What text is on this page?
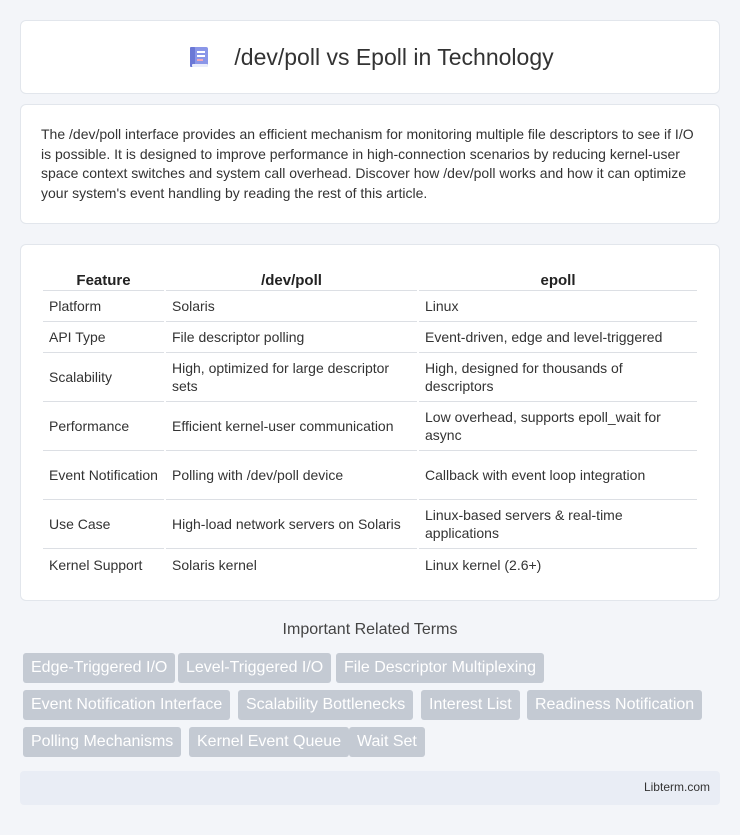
/dev/poll vs Epoll in Technology

The /dev/poll interface provides an efficient mechanism for monitoring multiple file descriptors to see if I/O is possible. It is designed to improve performance in high-connection scenarios by reducing kernel-user space context switches and system call overhead. Discover how /dev/poll works and how it can optimize your system's event handling by reading the rest of this article.

Feature	/dev/poll	epoll
Platform	Solaris	Linux
API Type	File descriptor polling	Event-driven, edge and level-triggered
Scalability	High, optimized for large descriptor sets	High, designed for thousands of descriptors
Performance	Efficient kernel-user communication	Low overhead, supports epoll_wait for async
Event Notification	Polling with /dev/poll device	Callback with event loop integration
Use Case	High-load network servers on Solaris	Linux-based servers & real-time applications
Kernel Support	Solaris kernel	Linux kernel (2.6+)
Important Related Terms
Edge-Triggered I/O	Level-Triggered I/O	File Descriptor Multiplexing
Event Notification Interface	Scalability Bottlenecks	Interest List	Readiness Notification
Polling Mechanisms	Kernel Event Queue Wait Set
Libterm.com
